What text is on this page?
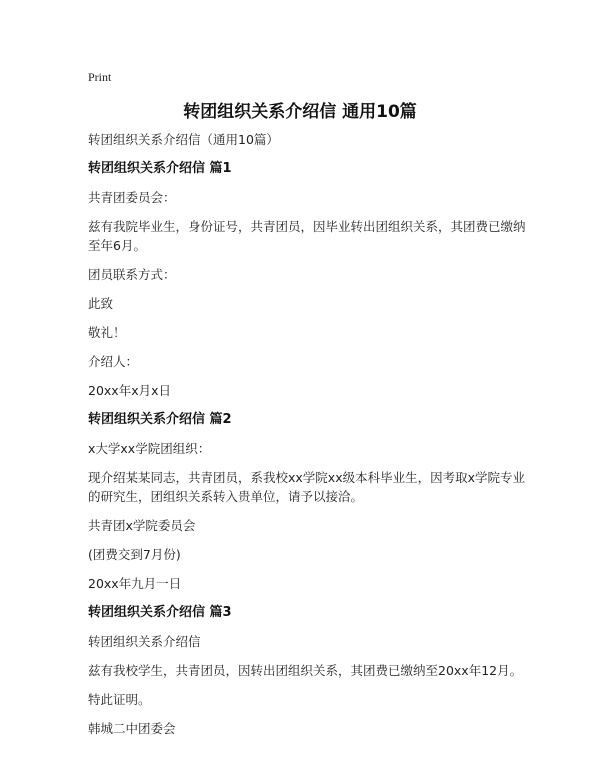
Print
转团组织关系介绍信 通用10篇

转团组织关系介绍信（通用10篇）

转团组织关系介绍信 篇1

共青团委员会：

兹有我院毕业生，身份证号，共青团员，因毕业转出团组织关系，其团费已缴纳至年6月。

团员联系方式：

此致

敬礼！

介绍人：

20xx年x月x日

转团组织关系介绍信 篇2

x大学xx学院团组织：

现介绍某某同志，共青团员，系我校xx学院xx级本科毕业生，因考取x学院专业的研究生，团组织关系转入贵单位，请予以接洽。

共青团x学院委员会

(团费交到7月份)

20xx年九月一日

转团组织关系介绍信 篇3

转团组织关系介绍信

兹有我校学生，共青团员，因转出团组织关系，其团费已缴纳至20xx年12月。

特此证明。

韩城二中团委会
